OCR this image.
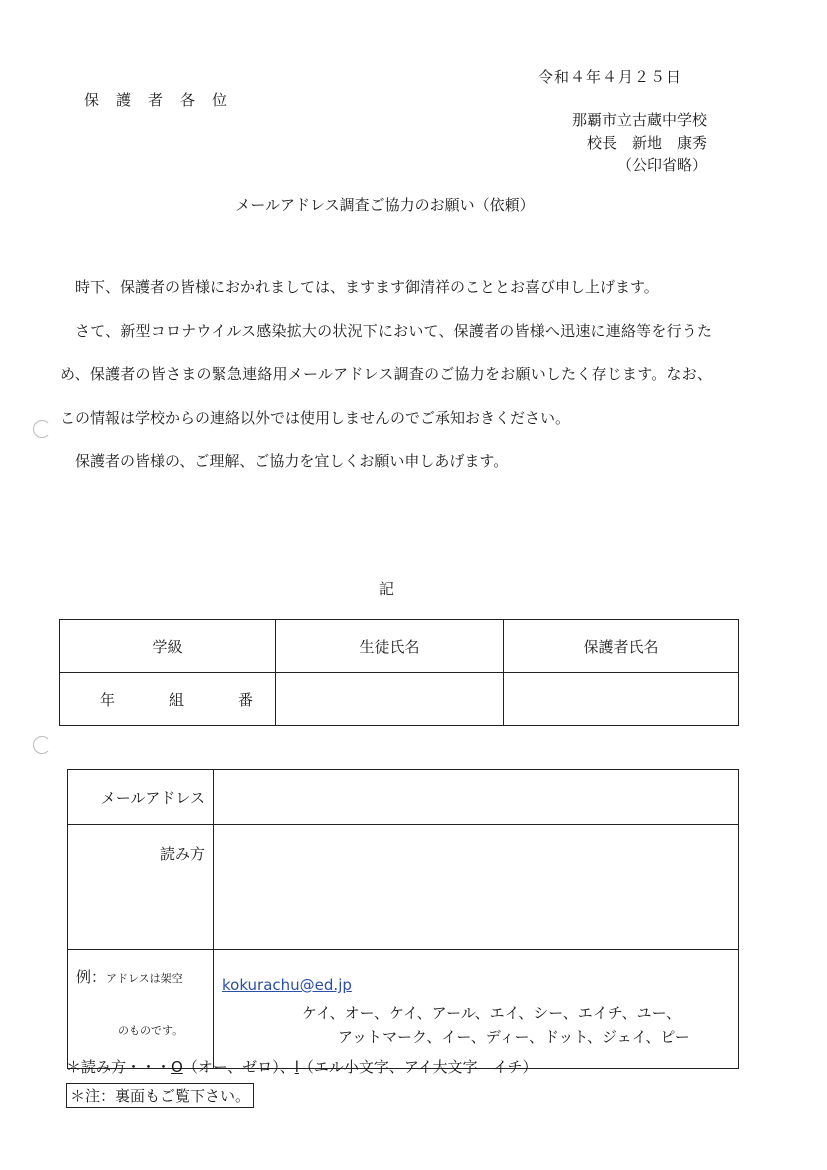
令和４年４月２５日
保護者各位
那覇市立古蔵中学校
校長　新地　康秀
（公印省略）
メールアドレス調査ご協力のお願い（依頼）

時下、保護者の皆様におかれましては、ますます御清祥のこととお喜び申し上げます。

さて、新型コロナウイルス感染拡大の状況下において、保護者の皆様へ迅速に連絡等を行うため、保護者の皆さまの緊急連絡用メールアドレス調査のご協力をお願いしたく存じます。なお、この情報は学校からの連絡以外では使用しませんのでご承知おきください。

保護者の皆様の、ご理解、ご協力を宜しくお願い申しあげます。

記
学級	生徒氏名	保護者氏名

年 組 番		

メールアドレス	
読み方	

例：アドレスは架空
のものです。	kokurachu@ed.jp
ケイ、オー、ケイ、アール、エイ、シー、エイチ、ユー、
アットマーク、イー、ディー、ドット、ジェイ、ピー
＊読み方・・・O（オー、ゼロ）、l（エル小文字、アイ大文字　イチ）
＊注：裏面もご覧下さい。
